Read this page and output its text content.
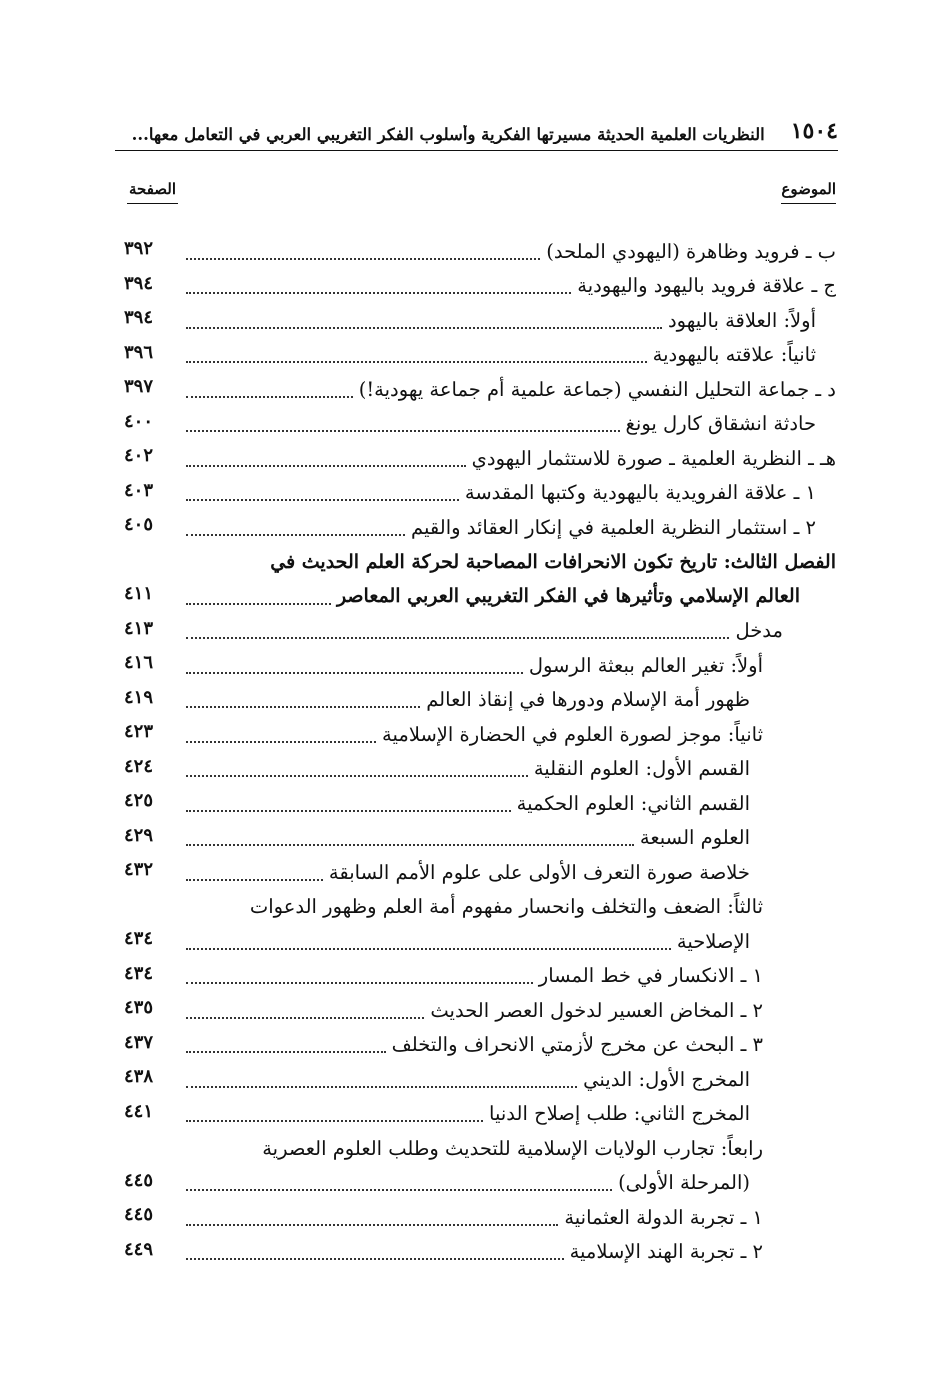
١٥٠٤
النظريات العلمية الحديثة مسيرتها الفكرية وأسلوب الفكر التغريبي العربي في التعامل معها...
الموضوع
الصفحة
ب ـ فرويد وظاهرة (اليهودي الملحد)
٣٩٢
ج ـ علاقة فرويد باليهود واليهودية
٣٩٤
أولاً: العلاقة باليهود
٣٩٤
ثانياً: علاقته باليهودية
٣٩٦
د ـ جماعة التحليل النفسي (جماعة علمية أم جماعة يهودية!)
٣٩٧
حادثة انشقاق كارل يونغ
٤٠٠
هـ ـ النظرية العلمية ـ صورة للاستثمار اليهودي
٤٠٢
١ ـ علاقة الفرويدية باليهودية وكتبها المقدسة
٤٠٣
٢ ـ استثمار النظرية العلمية في إنكار العقائد والقيم
٤٠٥
الفصل الثالث: تاريخ تكون الانحرافات المصاحبة لحركة العلم الحديث في
العالم الإسلامي وتأثيرها في الفكر التغريبي العربي المعاصر
٤١١
مدخل
٤١٣
أولاً: تغير العالم ببعثة الرسول
٤١٦
ظهور أمة الإسلام ودورها في إنقاذ العالم
٤١٩
ثانياً: موجز لصورة العلوم في الحضارة الإسلامية
٤٢٣
القسم الأول: العلوم النقلية
٤٢٤
القسم الثاني: العلوم الحكمية
٤٢٥
العلوم السبعة
٤٢٩
خلاصة صورة التعرف الأولى على علوم الأمم السابقة
٤٣٢
ثالثاً: الضعف والتخلف وانحسار مفهوم أمة العلم وظهور الدعوات
الإصلاحية
٤٣٤
١ ـ الانكسار في خط المسار
٤٣٤
٢ ـ المخاض العسير لدخول العصر الحديث
٤٣٥
٣ ـ البحث عن مخرج لأزمتي الانحراف والتخلف
٤٣٧
المخرج الأول: الديني
٤٣٨
المخرج الثاني: طلب إصلاح الدنيا
٤٤١
رابعاً: تجارب الولايات الإسلامية للتحديث وطلب العلوم العصرية
(المرحلة الأولى)
٤٤٥
١ ـ تجربة الدولة العثمانية
٤٤٥
٢ ـ تجربة الهند الإسلامية
٤٤٩
